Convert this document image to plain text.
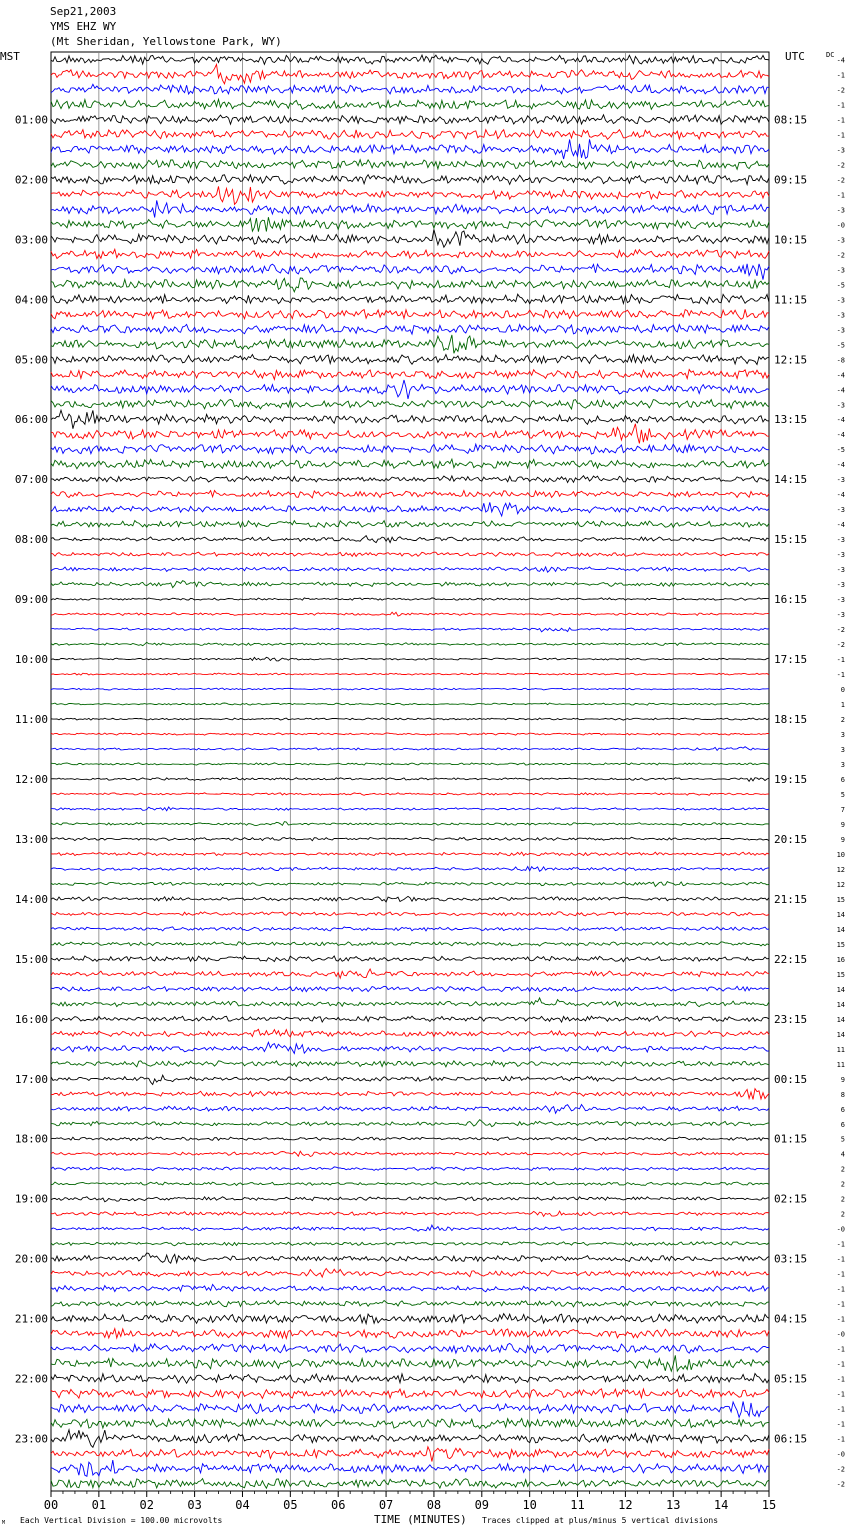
Sep21,2003
YMS EHZ WY
(Mt Sheridan, Yellowstone Park, WY)
MST	UTC
01:00
02:00
03:00
04:00
05:00
06:00
07:00
08:00
09:00
10:00
11:00
12:00
13:00
14:00
15:00
16:00
17:00
18:00
19:00
20:00
21:00
22:00
23:00
08:15
09:15
10:15
11:15
12:15
13:15
14:15
15:15
16:15
17:15
18:15
19:15
20:15
21:15
22:15
23:15
00:15
01:15
02:15
03:15
04:15
05:15
06:15
DC
-4
-1
-2
-1
-1
-1
-3
-2
-2
-1
-3
-0
-3
-2
-3
-5
-3
-3
-3
-5
-8
-4
-4
-3
-4
-4
-5
-4
-3
-4
-3
-4
-3
-3
-3
-3
-3
-3
-2
-2
-1
-1
0
1
2
3
3
3
6
5
7
9
9
10
12
12
15
14
14
15
16
15
14
14
14
14
11
11
9
8
6
6
5
4
2
2
2
2
-0
-1
-1
-1
-1
-1
-1
-0
-1
-1
-1
-1
-1
-1
-1
-0
-2
-2
00	01	02	03	04	05	06	07	08	09	10	11	12	13	14	15
Each Vertical Division = 100.00 microvolts	TIME (MINUTES) Traces clipped at plus/minus 5 vertical divisions
M
